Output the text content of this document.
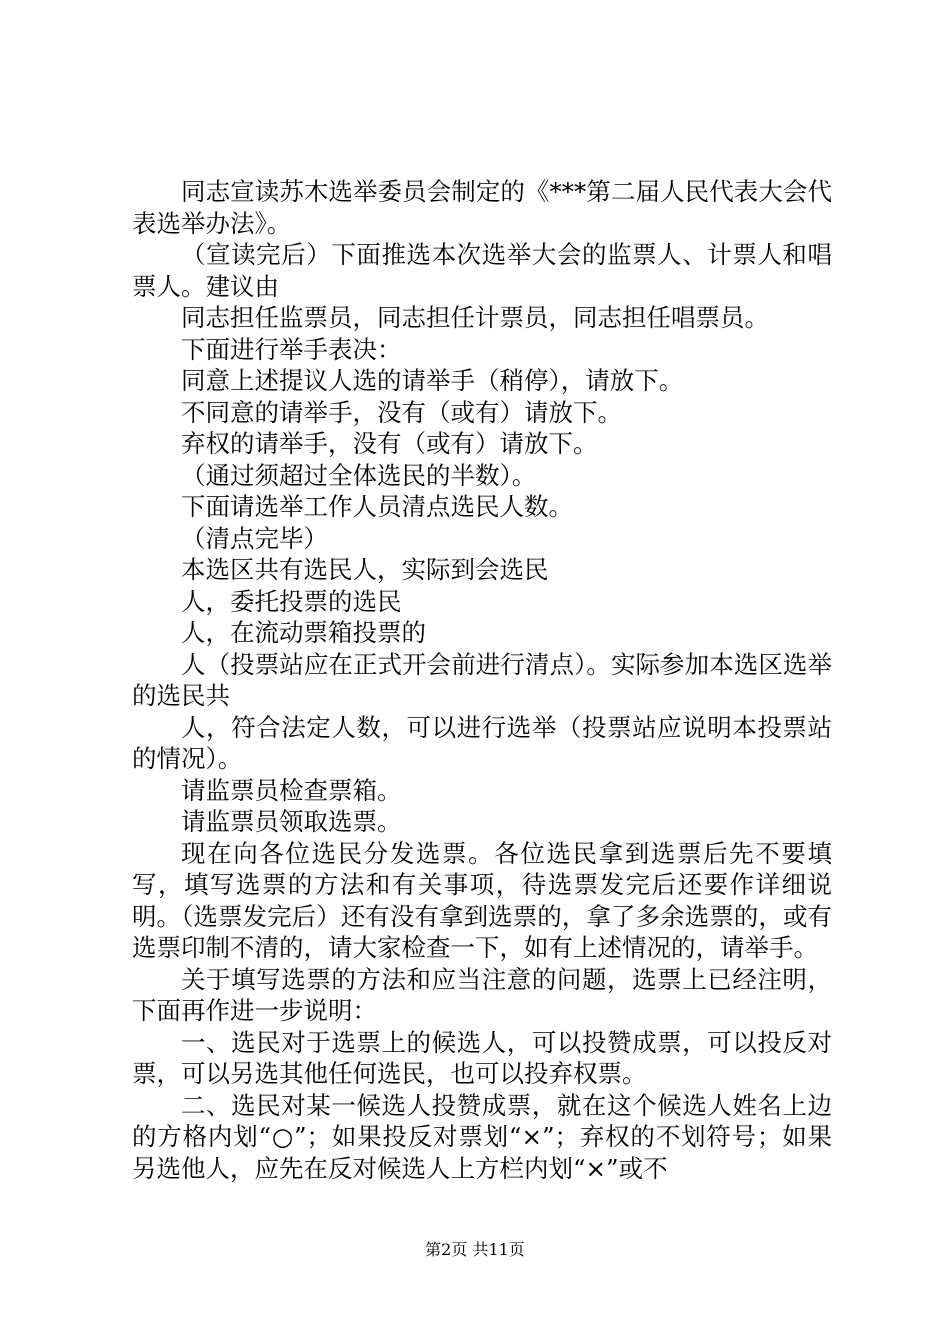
同志宣读苏木选举委员会制定的《***第二届人民代表大会代表选举办法》。

（宣读完后）下面推选本次选举大会的监票人、计票人和唱票人。建议由

同志担任监票员，同志担任计票员，同志担任唱票员。

下面进行举手表决：

同意上述提议人选的请举手（稍停），请放下。

不同意的请举手，没有（或有）请放下。

弃权的请举手，没有（或有）请放下。

（通过须超过全体选民的半数）。

下面请选举工作人员清点选民人数。

（清点完毕）

本选区共有选民人，实际到会选民

人，委托投票的选民

人，在流动票箱投票的

人（投票站应在正式开会前进行清点）。实际参加本选区选举的选民共

人，符合法定人数，可以进行选举（投票站应说明本投票站的情况）。

请监票员检查票箱。

请监票员领取选票。

现在向各位选民分发选票。各位选民拿到选票后先不要填写，填写选票的方法和有关事项，待选票发完后还要作详细说明。（选票发完后）还有没有拿到选票的，拿了多余选票的，或有选票印制不清的，请大家检查一下，如有上述情况的，请举手。

关于填写选票的方法和应当注意的问题，选票上已经注明，下面再作进一步说明：

一、选民对于选票上的候选人，可以投赞成票，可以投反对票，可以另选其他任何选民，也可以投弃权票。

二、选民对某一候选人投赞成票，就在这个候选人姓名上边的方格内划“○”；如果投反对票划“×”；弃权的不划符号；如果另选他人，应先在反对候选人上方栏内划“×”或不

第2页 共11页
